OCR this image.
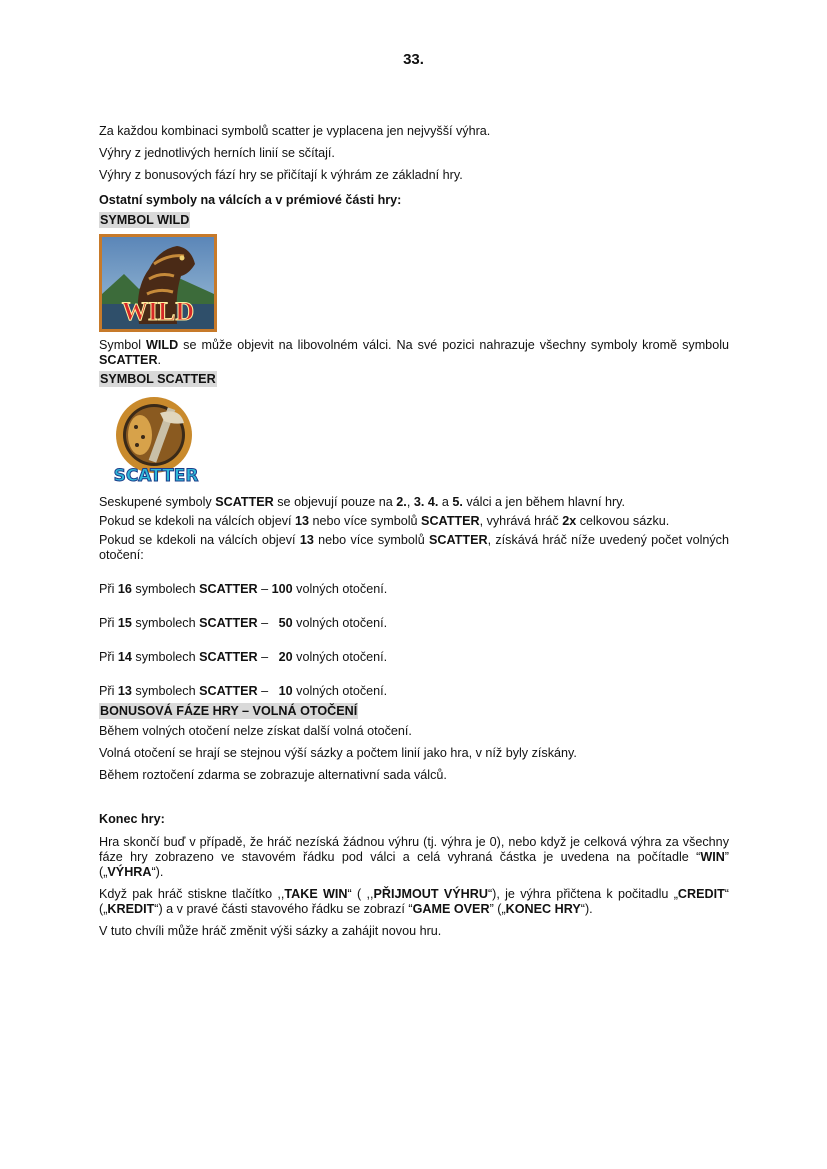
33.

Za každou kombinaci symbolů scatter je vyplacena jen nejvyšší výhra.

Výhry z jednotlivých herních linií se sčítají.

Výhry z bonusových fází hry se přičítají k výhrám ze základní hry.

Ostatní symboly na válcích a v prémiové části hry:

SYMBOL WILD
WILD

Symbol WILD se může objevit na libovolném válci. Na své pozici nahrazuje všechny symboly kromě symbolu SCATTER.

SYMBOL SCATTER
SCATTER

Seskupené symboly SCATTER se objevují pouze na 2., 3. 4. a 5. válci a jen během hlavní hry.

Pokud se kdekoli na válcích objeví 13 nebo více symbolů SCATTER, vyhrává hráč 2x celkovou sázku.

Pokud se kdekoli na válcích objeví 13 nebo více symbolů SCATTER, získává hráč níže uvedený počet volných otočení:

Při 16 symbolech SCATTER – 100 volných otočení.

Při 15 symbolech SCATTER –   50 volných otočení.

Při 14 symbolech SCATTER –   20 volných otočení.

Při 13 symbolech SCATTER –   10 volných otočení.

BONUSOVÁ FÁZE HRY – VOLNÁ OTOČENÍ

Během volných otočení nelze získat další volná otočení.

Volná otočení se hrají se stejnou výší sázky a počtem linií jako hra, v níž byly získány.

Během roztočení zdarma se zobrazuje alternativní sada válců.

Konec hry:

Hra skončí buď v případě, že hráč nezíská žádnou výhru (tj. výhra je 0), nebo když je celková výhra za všechny fáze hry zobrazeno ve stavovém řádku pod válci a celá vyhraná částka je uvedena na počítadle “WIN” („VÝHRA“).

Když pak hráč stiskne tlačítko ,,TAKE WIN“ ( ,,PŘIJMOUT VÝHRU“), je výhra přičtena k počitadlu „CREDIT“ („KREDIT“) a v pravé části stavového řádku se zobrazí “GAME OVER” („KONEC HRY“).

V tuto chvíli může hráč změnit výši sázky a zahájit novou hru.
